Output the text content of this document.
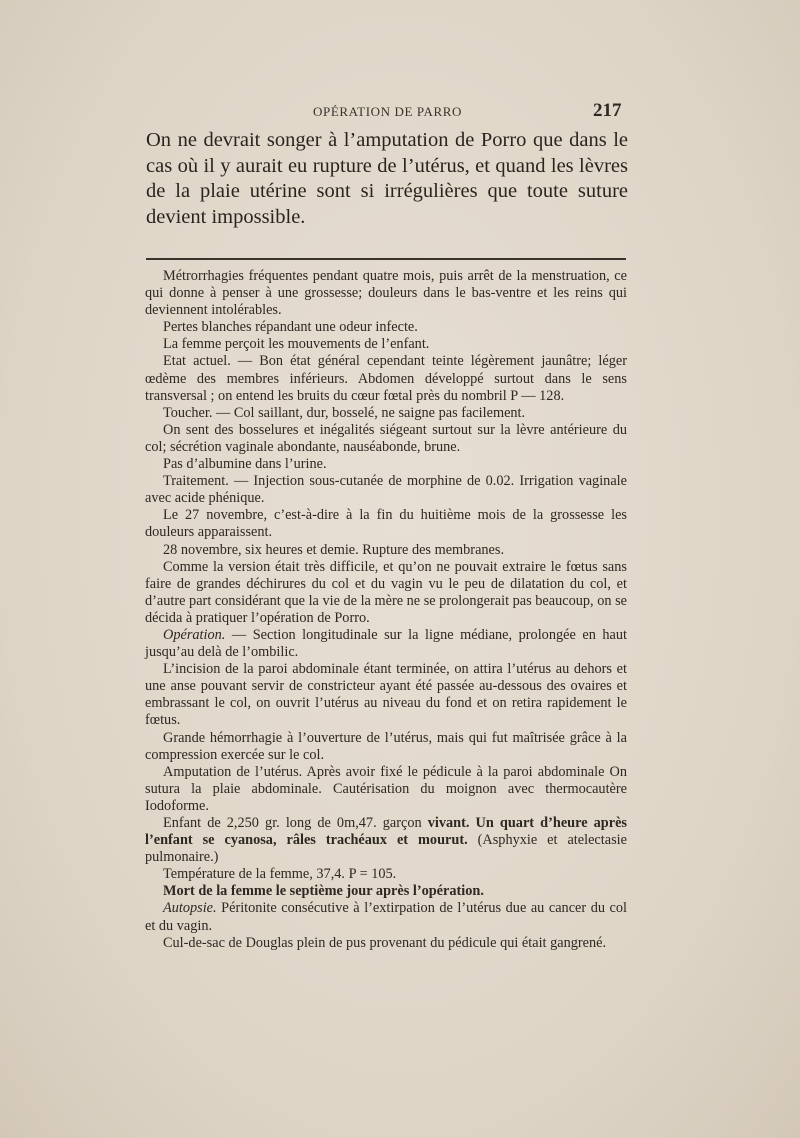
OPÉRATION DE PARRO	217
On ne devrait songer à l’amputation de Porro que dans le cas où il y aurait eu rupture de l’utérus, et quand les lèvres de la plaie utérine sont si irrégulières que toute suture devient impossible.

Métrorrhagies fréquentes pendant quatre mois, puis arrêt de la menstruation, ce qui donne à penser à une grossesse; douleurs dans le bas-ventre et les reins qui deviennent intolérables.

Pertes blanches répandant une odeur infecte.

La femme perçoit les mouvements de l’enfant.

Etat actuel. — Bon état général cependant teinte légèrement jaunâtre; léger œdème des membres inférieurs. Abdomen développé surtout dans le sens transversal ; on entend les bruits du cœur fœtal près du nombril P — 128.

Toucher. — Col saillant, dur, bosselé, ne saigne pas facilement.

On sent des bosselures et inégalités siégeant surtout sur la lèvre antérieure du col; sécrétion vaginale abondante, nauséabonde, brune.

Pas d’albumine dans l’urine.

Traitement. — Injection sous-cutanée de morphine de 0.02. Irrigation vaginale avec acide phénique.

Le 27 novembre, c’est-à-dire à la fin du huitième mois de la grossesse les douleurs apparaissent.

28 novembre, six heures et demie. Rupture des membranes.

Comme la version était très difficile, et qu’on ne pouvait extraire le fœtus sans faire de grandes déchirures du col et du vagin vu le peu de dilatation du col, et d’autre part considérant que la vie de la mère ne se prolongerait pas beaucoup, on se décida à pratiquer l’opération de Porro.

Opération. — Section longitudinale sur la ligne médiane, prolongée en haut jusqu’au delà de l’ombilic.

L’incision de la paroi abdominale étant terminée, on attira l’utérus au dehors et une anse pouvant servir de constricteur ayant été passée au-dessous des ovaires et embrassant le col, on ouvrit l’utérus au niveau du fond et on retira rapidement le fœtus.

Grande hémorrhagie à l’ouverture de l’utérus, mais qui fut maîtrisée grâce à la compression exercée sur le col.

Amputation de l’utérus. Après avoir fixé le pédicule à la paroi abdominale On sutura la plaie abdominale. Cautérisation du moignon avec thermocautère Iodoforme.

Enfant de 2,250 gr. long de 0m,47. garçon vivant. Un quart d’heure après l’enfant se cyanosa, râles trachéaux et mourut. (Asphyxie et atelectasie pulmonaire.)

Température de la femme, 37,4. P = 105.

Mort de la femme le septième jour après l’opération.

Autopsie. Péritonite consécutive à l’extirpation de l’utérus due au cancer du col et du vagin.

Cul-de-sac de Douglas plein de pus provenant du pédicule qui était gangrené.
